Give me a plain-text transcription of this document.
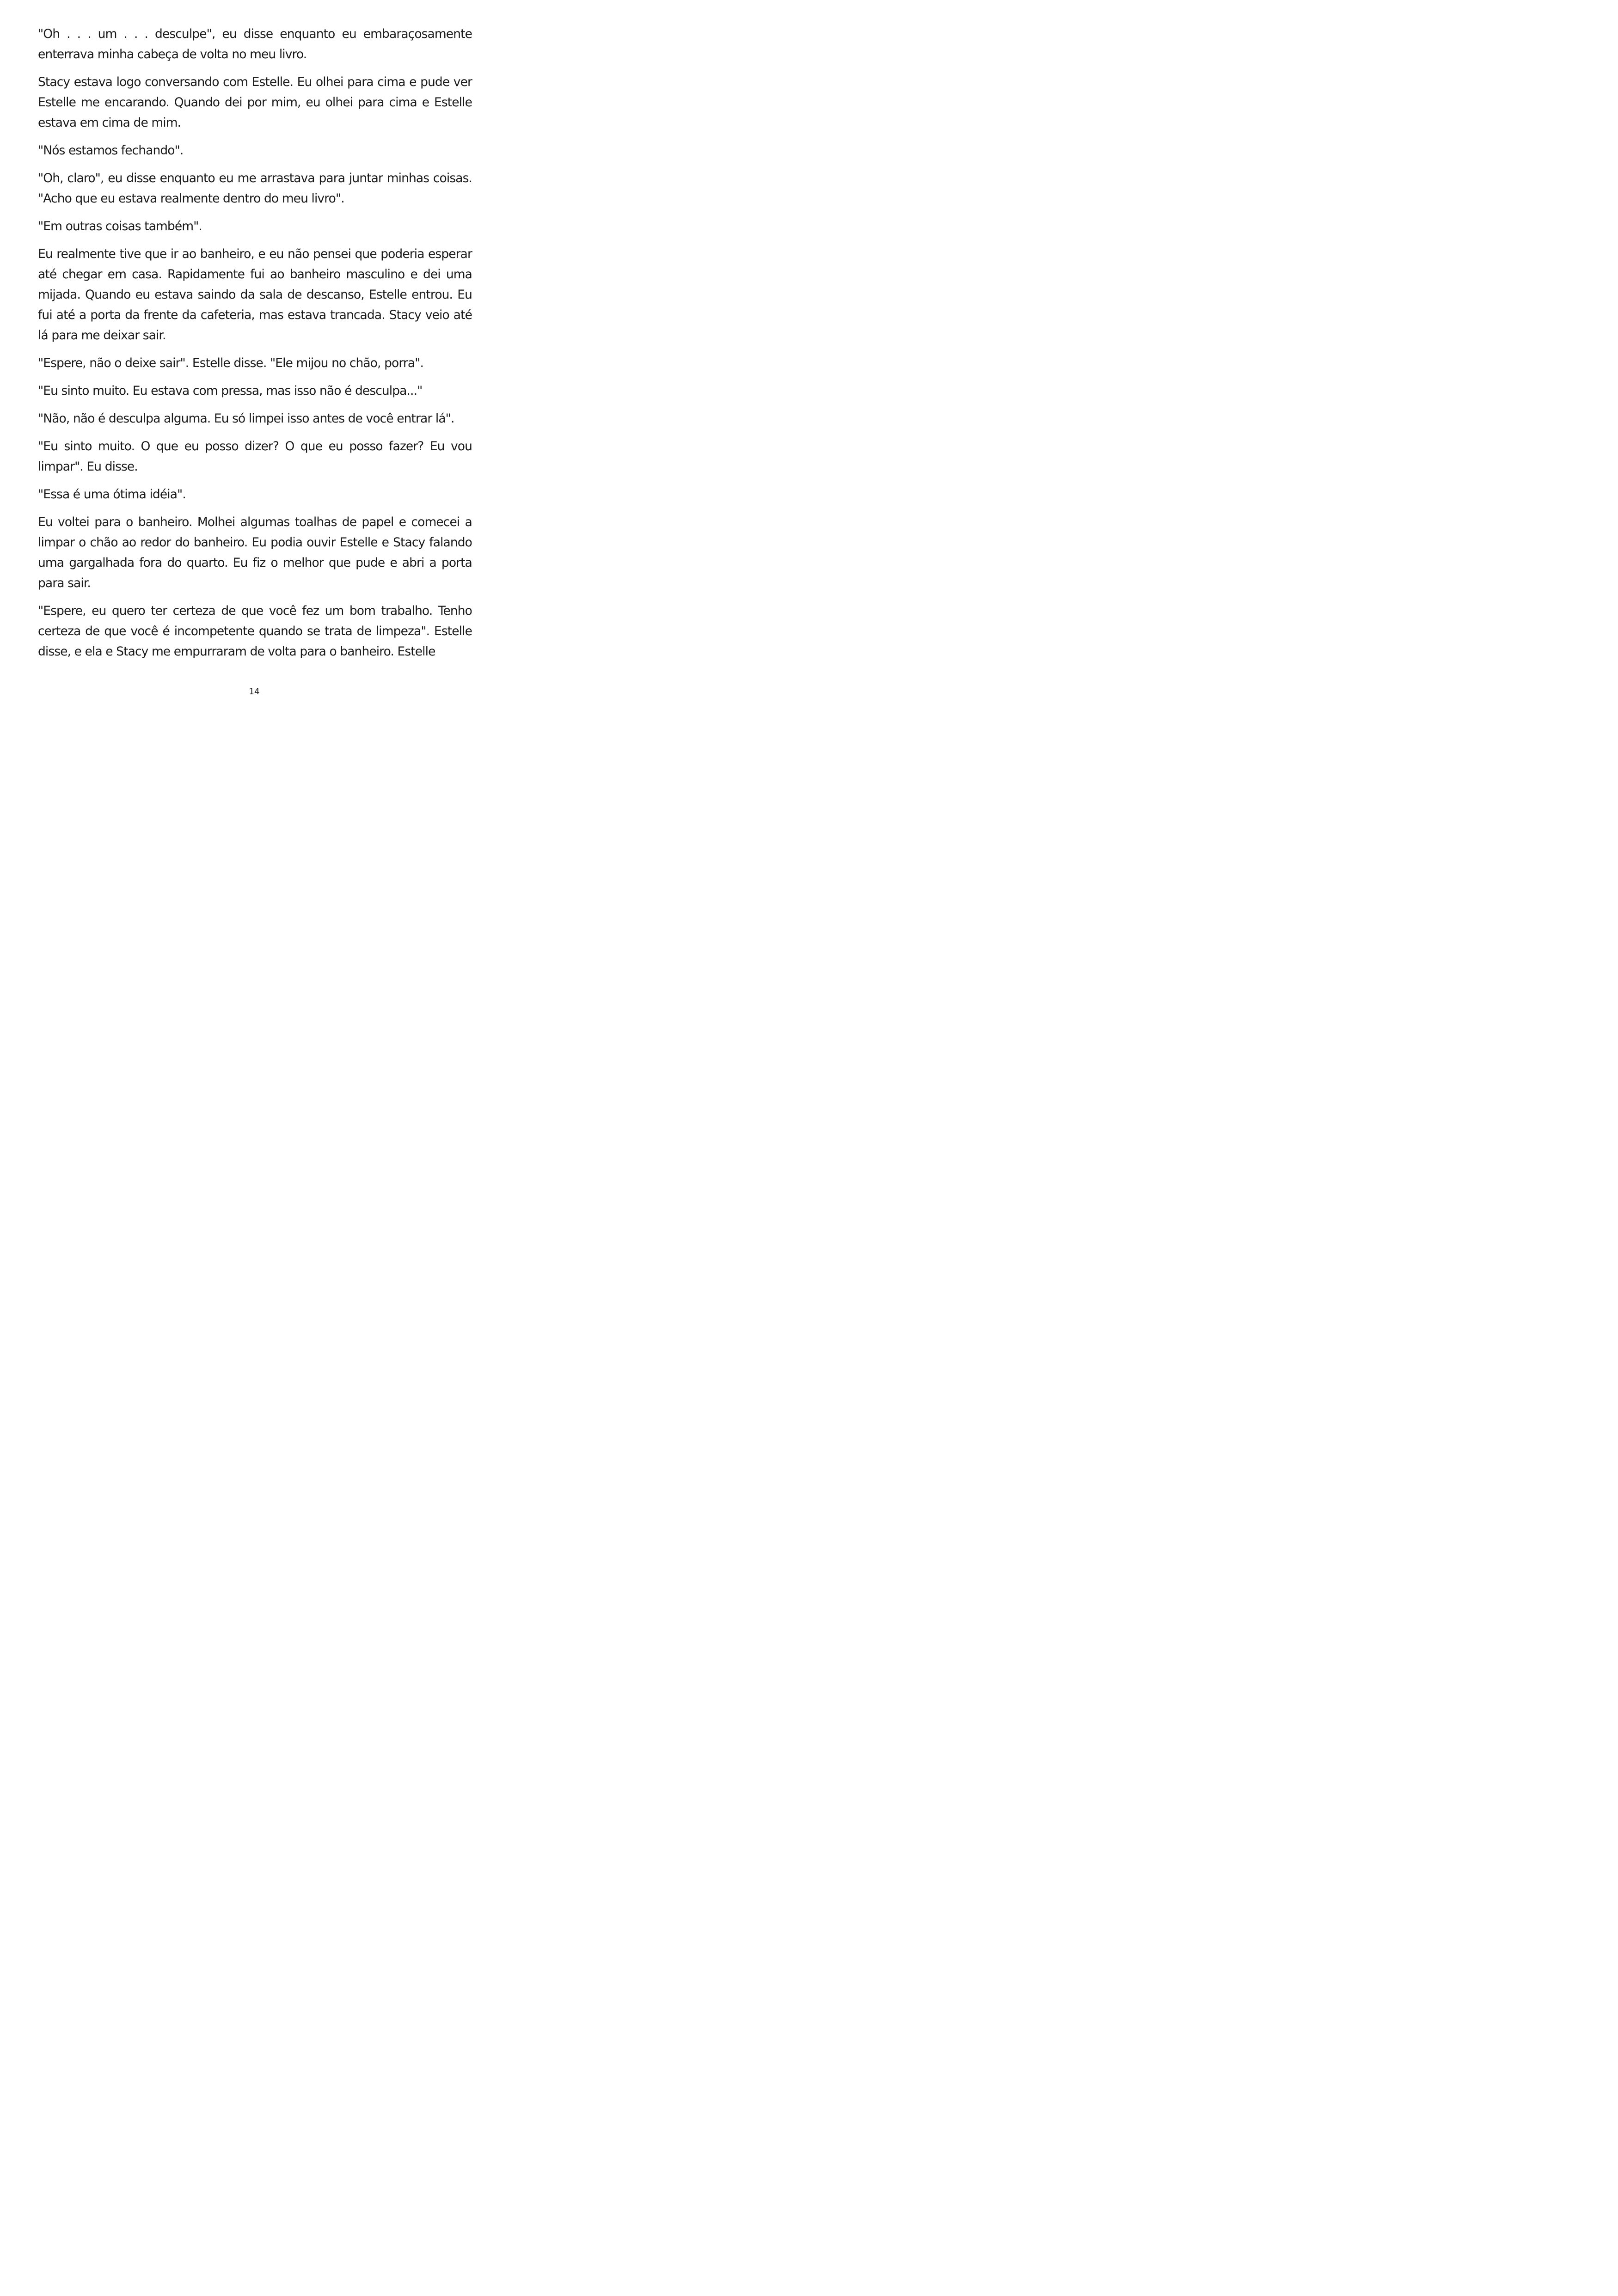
"Oh . . . um . . . desculpe", eu disse enquanto eu embaraçosamente enterrava minha cabeça de volta no meu livro.

Stacy estava logo conversando com Estelle. Eu olhei para cima e pude ver Estelle me encarando. Quando dei por mim, eu olhei para cima e Estelle estava em cima de mim.

"Nós estamos fechando".

"Oh, claro", eu disse enquanto eu me arrastava para juntar minhas coisas. "Acho que eu estava realmente dentro do meu livro".

"Em outras coisas também".

Eu realmente tive que ir ao banheiro, e eu não pensei que poderia esperar até chegar em casa. Rapidamente fui ao banheiro masculino e dei uma mijada. Quando eu estava saindo da sala de descanso, Estelle entrou. Eu fui até a porta da frente da cafeteria, mas estava trancada. Stacy veio até lá para me deixar sair.

"Espere, não o deixe sair". Estelle disse. "Ele mijou no chão, porra".

"Eu sinto muito. Eu estava com pressa, mas isso não é desculpa..."

"Não, não é desculpa alguma. Eu só limpei isso antes de você entrar lá".

"Eu sinto muito. O que eu posso dizer? O que eu posso fazer? Eu vou limpar". Eu disse.

"Essa é uma ótima idéia".

Eu voltei para o banheiro. Molhei algumas toalhas de papel e comecei a limpar o chão ao redor do banheiro. Eu podia ouvir Estelle e Stacy falando uma gargalhada fora do quarto. Eu fiz o melhor que pude e abri a porta para sair.

"Espere, eu quero ter certeza de que você fez um bom trabalho. Tenho certeza de que você é incompetente quando se trata de limpeza". Estelle disse, e ela e Stacy me empurraram de volta para o banheiro. Estelle

14
